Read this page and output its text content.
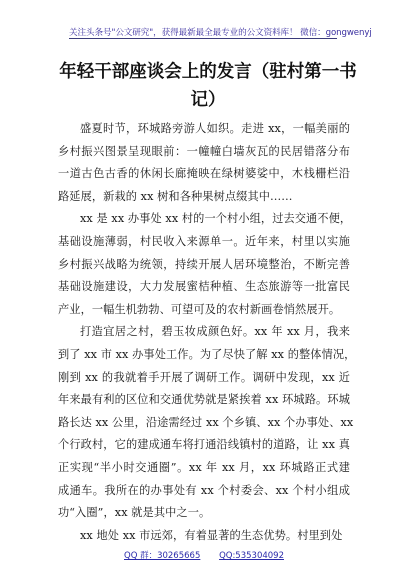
关注头条号"公文研究"，获得最新最全最专业的公文资料库！ 微信：gongwenyj
年轻干部座谈会上的发言（驻村第一书
记）
盛夏时节，环城路旁游人如织。走进 xx，一幅美丽的
乡村振兴图景呈现眼前：一幢幢白墙灰瓦的民居错落分布
一道古色古香的休闲长廊掩映在绿树婆娑中，木栈栅栏沿
路延展，新栽的 xx 树和各种果树点缀其中……
xx 是 xx 办事处 xx 村的一个村小组，过去交通不便，
基础设施薄弱，村民收入来源单一。近年来，村里以实施
乡村振兴战略为统领，持续开展人居环境整治，不断完善
基础设施建设，大力发展蜜桔种植、生态旅游等一批富民
产业，一幅生机勃勃、可望可及的农村新画卷悄然展开。
打造宜居之村，碧玉妆成颜色好。xx 年 xx 月，我来
到了 xx 市 xx 办事处工作。为了尽快了解 xx 的整体情况，
刚到 xx 的我就着手开展了调研工作。调研中发现，xx 近
年来最有利的区位和交通优势就是紧挨着 xx 环城路。环城
路长达 xx 公里，沿途需经过 xx 个乡镇、xx 个办事处、xx
个行政村，它的建成通车将打通沿线镇村的道路，让 xx 真
正实现“半小时交通圈”。xx 年 xx 月，xx 环城路正式建
成通车。我所在的办事处有 xx 个村委会、xx 个村小组成
功“入圈”，xx 就是其中之一。
xx 地处 xx 市远郊，有着显著的生态优势。村里到处
QQ 群：30265665 QQ:535304092
